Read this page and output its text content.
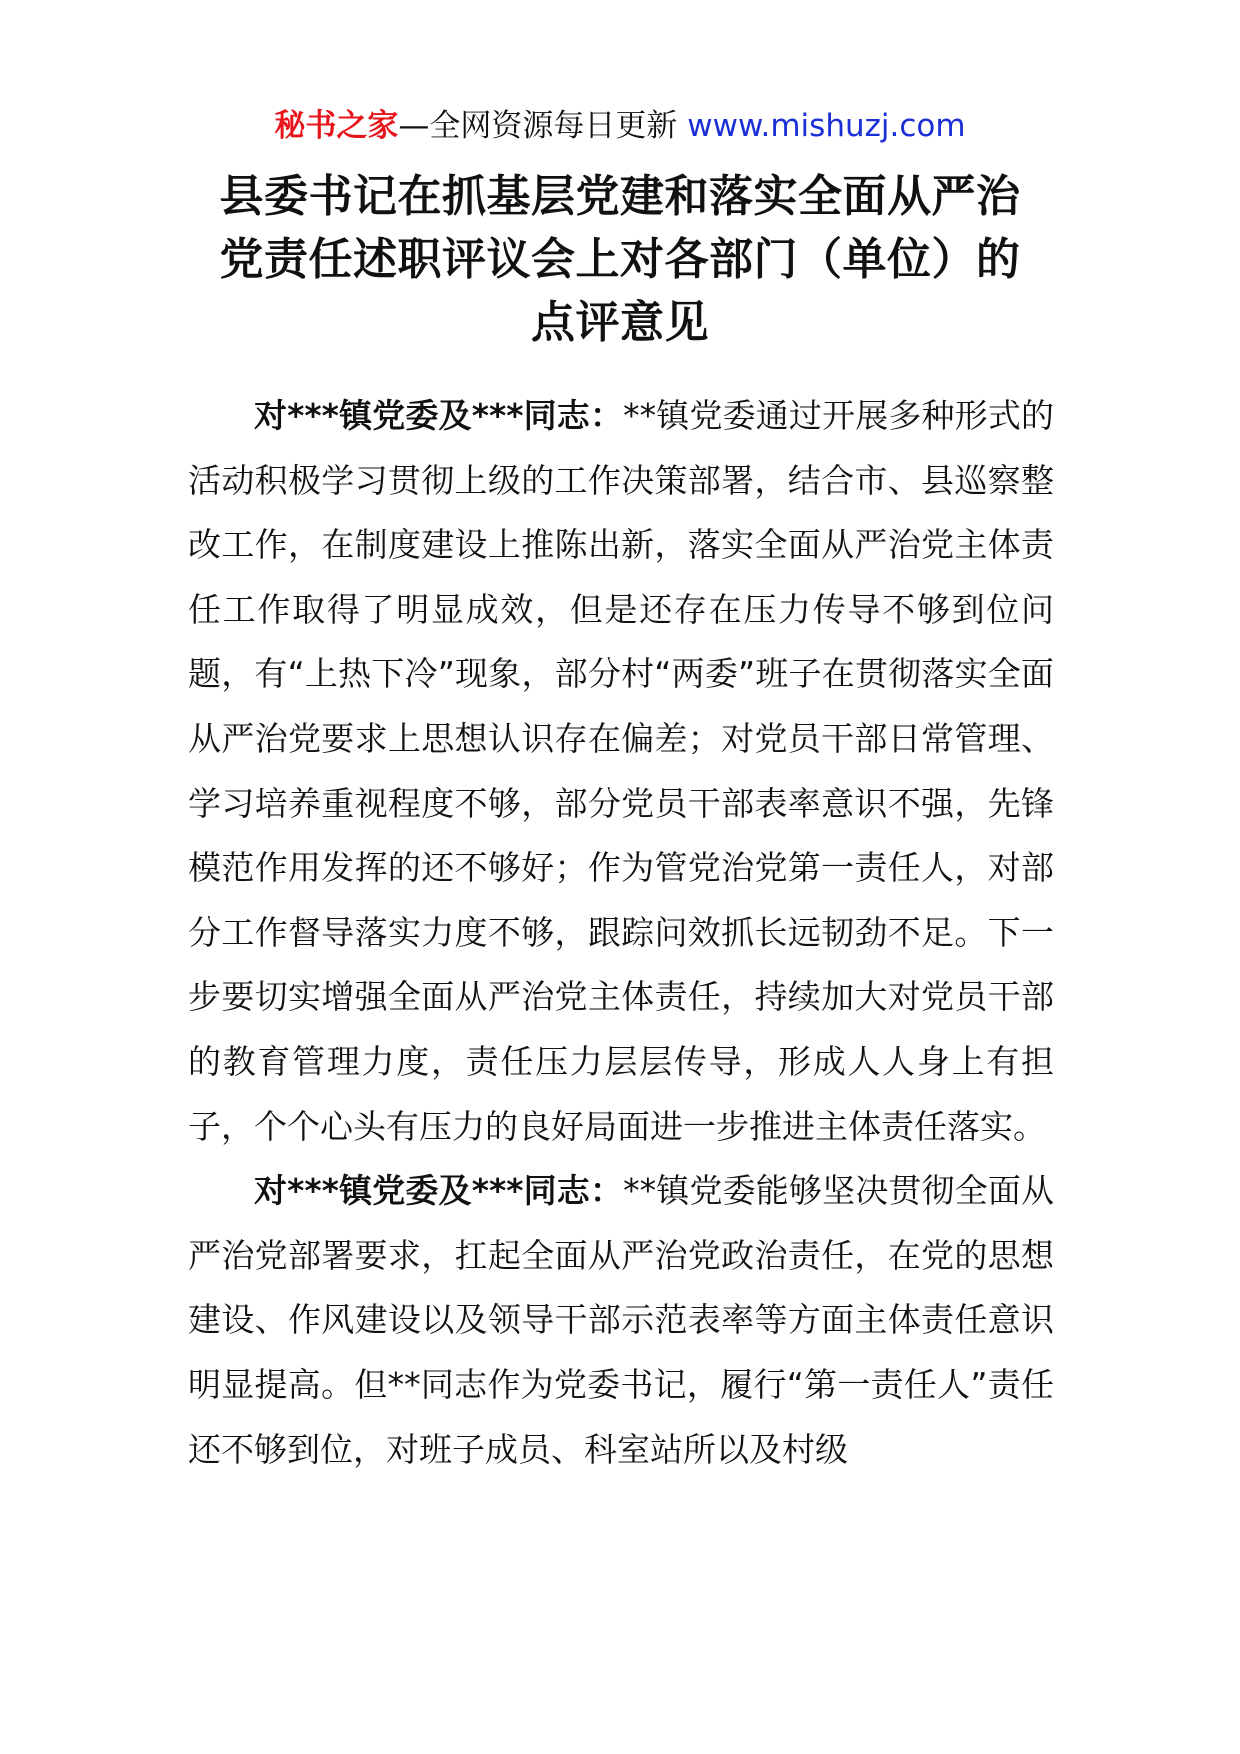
秘书之家—全网资源每日更新 www.mishuzj.com
县委书记在抓基层党建和落实全面从严治
党责任述职评议会上对各部门（单位）的
点评意见

对***镇党委及***同志：**镇党委通过开展多种形式的活动积极学习贯彻上级的工作决策部署，结合市、县巡察整改工作，在制度建设上推陈出新，落实全面从严治党主体责任工作取得了明显成效，但是还存在压力传导不够到位问题，有“上热下冷”现象，部分村“两委”班子在贯彻落实全面从严治党要求上思想认识存在偏差；对党员干部日常管理、学习培养重视程度不够，部分党员干部表率意识不强，先锋模范作用发挥的还不够好；作为管党治党第一责任人，对部分工作督导落实力度不够，跟踪问效抓长远韧劲不足。下一步要切实增强全面从严治党主体责任，持续加大对党员干部的教育管理力度，责任压力层层传导，形成人人身上有担子，个个心头有压力的良好局面进一步推进主体责任落实。

对***镇党委及***同志：**镇党委能够坚决贯彻全面从严治党部署要求，扛起全面从严治党政治责任，在党的思想建设、作风建设以及领导干部示范表率等方面主体责任意识明显提高。但**同志作为党委书记，履行“第一责任人”责任还不够到位，对班子成员、科室站所以及村级
